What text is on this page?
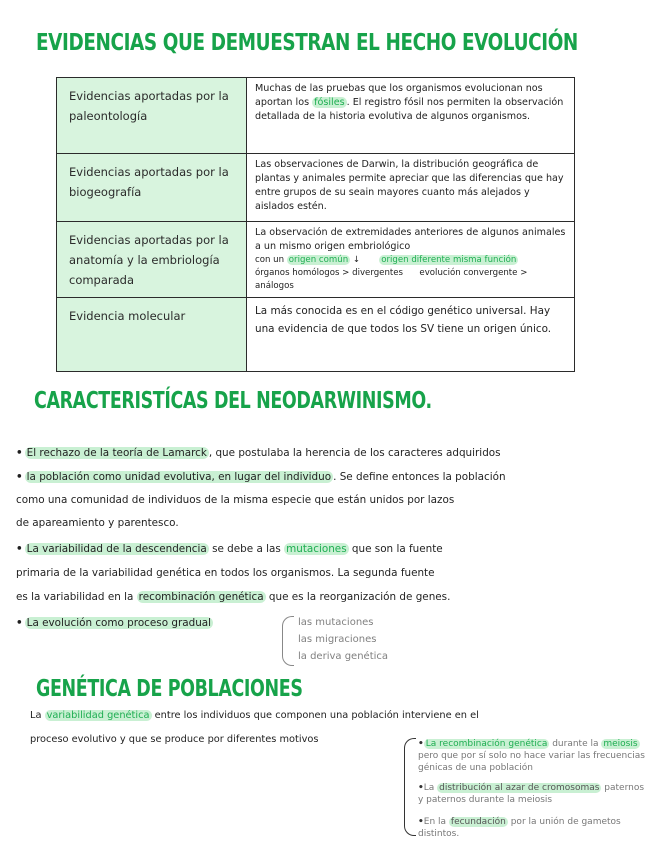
EVIDENCIAS QUE DEMUESTRAN EL HECHO EVOLUCIÓN
Evidencias aportadas por la paleontología	Muchas de las pruebas que los organismos evolucionan nos aportan los fósiles . El registro fósil nos permiten la observación detallada de la historia evolutiva de algunos organismos.
Evidencias aportadas por la biogeografía	Las observaciones de Darwin, la distribución geográfica de plantas y animales permite apreciar que las diferencias que hay entre grupos de su seain mayores cuanto más alejados y aislados estén.
Evidencias aportadas por la anatomía y la embriología comparada	La observación de extremidades anteriores de algunos animales a un mismo origen embriológico
con un origen común ↓ origen diferente misma función
órganos homólogos > divergentes evolución convergente > análogos

Evidencia molecular	La más conocida es en el código genético universal. Hay una evidencia de que todos los SV tiene un origen único.
CARACTERISTÍCAS DEL NEODARWINISMO.
• El rechazo de la teoría de Lamarck , que postulaba la herencia de los caracteres adquiridos
• la población como unidad evolutiva, en lugar del individuo . Se define entonces la población
como una comunidad de individuos de la misma especie que están unidos por lazos
de apareamiento y parentesco.
• La variabilidad de la descendencia se debe a las mutaciones que son la fuente
primaria de la variabilidad genética en todos los organismos. La segunda fuente
es la variabilidad en la recombinación genética que es la reorganización de genes.
• La evolución como proceso gradual	las mutaciones
las migraciones
la deriva genética
GENÉTICA DE POBLACIONES
La variabilidad genética entre los individuos que componen una población interviene en el
proceso evolutivo y que se produce por diferentes motivos	• La recombinación genética durante la meiosis pero que por sí solo no hace variar las frecuencias génicas de una población
•La distribución al azar de cromosomas paternos y paternos durante la meiosis
•En la fecundación por la unión de gametos distintos.
